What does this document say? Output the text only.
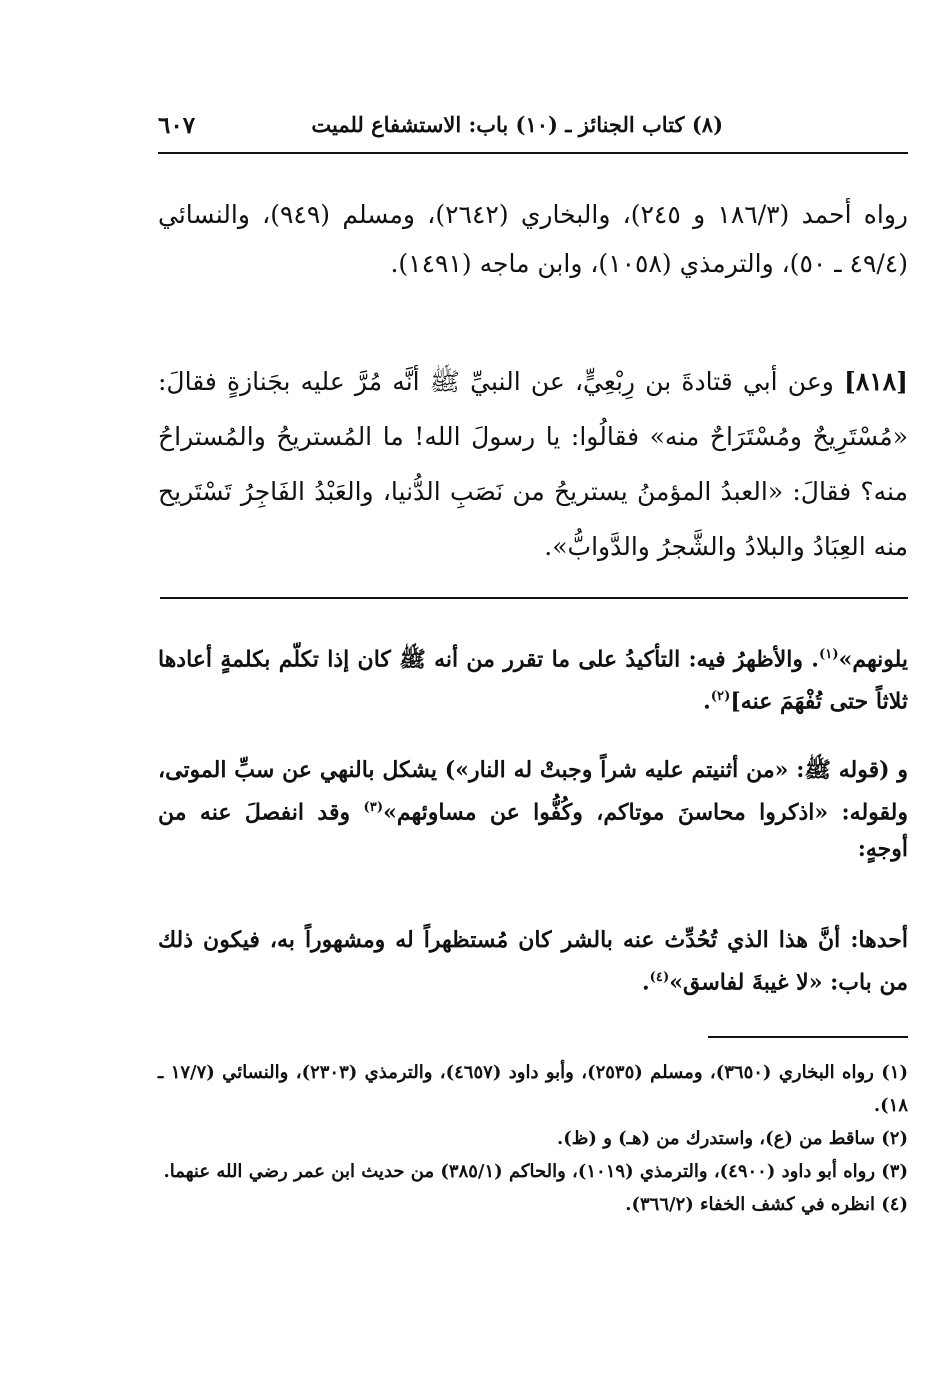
(٨) كتاب الجنائز ـ (١٠) باب: الاستشفاع للميت
٦٠٧
رواه أحمد (١٨٦/٣ و ٢٤٥)، والبخاري (٢٦٤٢)، ومسلم (٩٤٩)، والنسائي (٤٩/٤ ـ ٥٠)، والترمذي (١٠٥٨)، وابن ماجه (١٤٩١).
[٨١٨] وعن أبي قتادةَ بن رِبْعِيٍّ، عن النبيِّ ﷺ أنَّه مُرَّ عليه بجَنازةٍ فقالَ: «مُسْتَرِيحٌ ومُسْتَرَاحٌ منه» فقالُوا: يا رسولَ الله! ما المُستريحُ والمُستراحُ منه؟ فقالَ: «العبدُ المؤمنُ يستريحُ من نَصَبِ الدُّنيا، والعَبْدُ الفَاجِرُ تَسْتَريح منه العِبَادُ والبلادُ والشَّجرُ والدَّوابُّ».
يلونهم»$^{(١)}$. والأظهرُ فيه: التأكيدُ على ما تقرر من أنه ﷺ كان إذا تكلّم بكلمةٍ أعادها ثلاثاً حتى تُفْهَمَ عنه]$^{(٢)}$.
و (قوله ﷺ: «من أثنيتم عليه شراً وجبتْ له النار») يشكل بالنهي عن سبِّ الموتى، ولقوله: «اذكروا محاسنَ موتاكم، وكُفُّوا عن مساوئهم»$^{(٣)}$ وقد انفصلَ عنه من أوجهٍ:
أحدها: أنَّ هذا الذي تُحُدِّث عنه بالشر كان مُستظهراً له ومشهوراً به، فيكون ذلك من باب: «لا غيبةَ لفاسق»$^{(٤)}$.

(١) رواه البخاري (٣٦٥٠)، ومسلم (٢٥٣٥)، وأبو داود (٤٦٥٧)، والترمذي (٢٣٠٣)، والنسائي (١٧/٧ ـ ١٨).

(٢) ساقط من (ع)، واستدرك من (هـ) و (ظ).

(٣) رواه أبو داود (٤٩٠٠)، والترمذي (١٠١٩)، والحاكم (٣٨٥/١) من حديث ابن عمر رضي الله عنهما.

(٤) انظره في كشف الخفاء (٣٦٦/٢).
